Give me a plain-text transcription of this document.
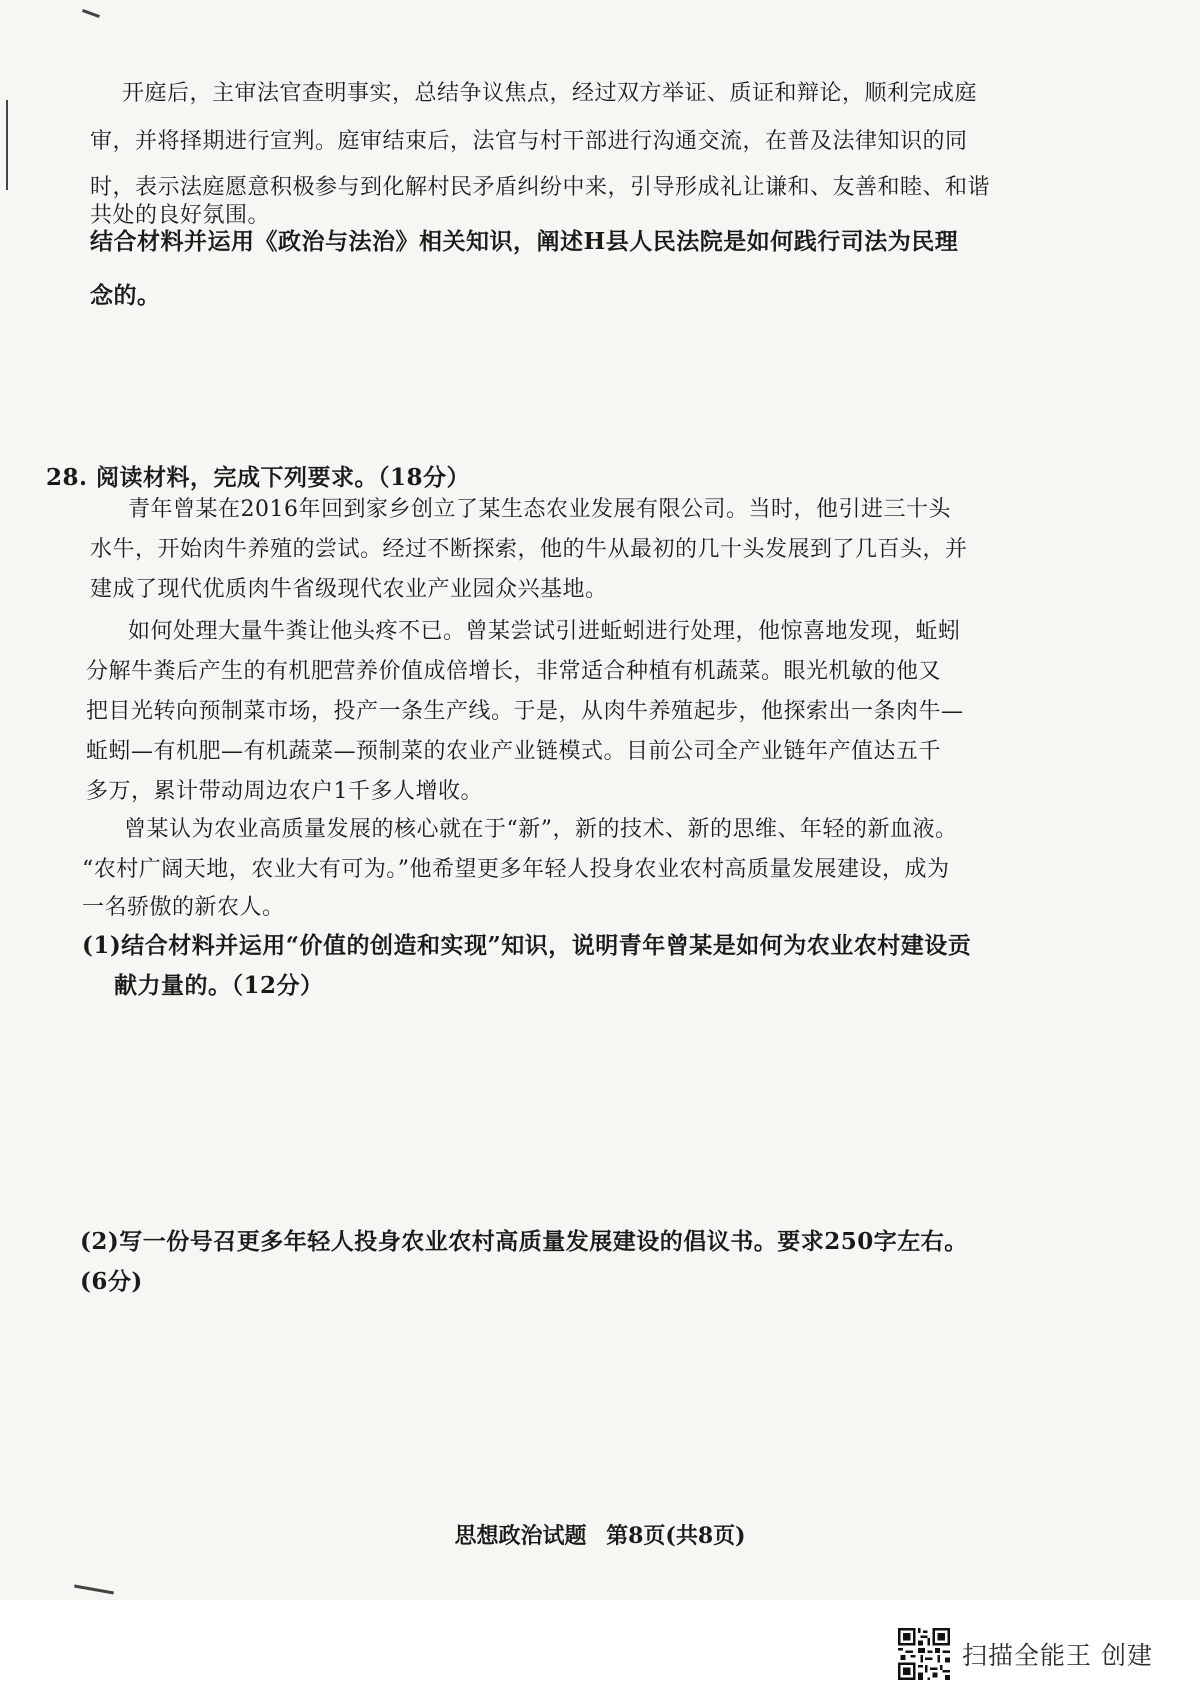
开庭后，主审法官查明事实，总结争议焦点，经过双方举证、质证和辩论，顺利完成庭

审，并将择期进行宣判。庭审结束后，法官与村干部进行沟通交流，在普及法律知识的同

时，表示法庭愿意积极参与到化解村民矛盾纠纷中来，引导形成礼让谦和、友善和睦、和谐

共处的良好氛围。

结合材料并运用《政治与法治》相关知识，阐述H县人民法院是如何践行司法为民理

念的。

28. 阅读材料，完成下列要求。（18分）

青年曾某在2016年回到家乡创立了某生态农业发展有限公司。当时，他引进三十头

水牛，开始肉牛养殖的尝试。经过不断探索，他的牛从最初的几十头发展到了几百头，并

建成了现代优质肉牛省级现代农业产业园众兴基地。

如何处理大量牛粪让他头疼不已。曾某尝试引进蚯蚓进行处理，他惊喜地发现，蚯蚓

分解牛粪后产生的有机肥营养价值成倍增长，非常适合种植有机蔬菜。眼光机敏的他又

把目光转向预制菜市场，投产一条生产线。于是，从肉牛养殖起步，他探索出一条肉牛—

蚯蚓—有机肥—有机蔬菜—预制菜的农业产业链模式。目前公司全产业链年产值达五千

多万，累计带动周边农户1千多人增收。

曾某认为农业高质量发展的核心就在于“新”，新的技术、新的思维、年轻的新血液。

“农村广阔天地，农业大有可为。”他希望更多年轻人投身农业农村高质量发展建设，成为

一名骄傲的新农人。

(1)结合材料并运用“价值的创造和实现”知识，说明青年曾某是如何为农业农村建设贡

献力量的。（12分）

(2)写一份号召更多年轻人投身农业农村高质量发展建设的倡议书。要求250字左右。

(6分)

思想政治试题 第8页(共8页)
扫描全能王 创建
